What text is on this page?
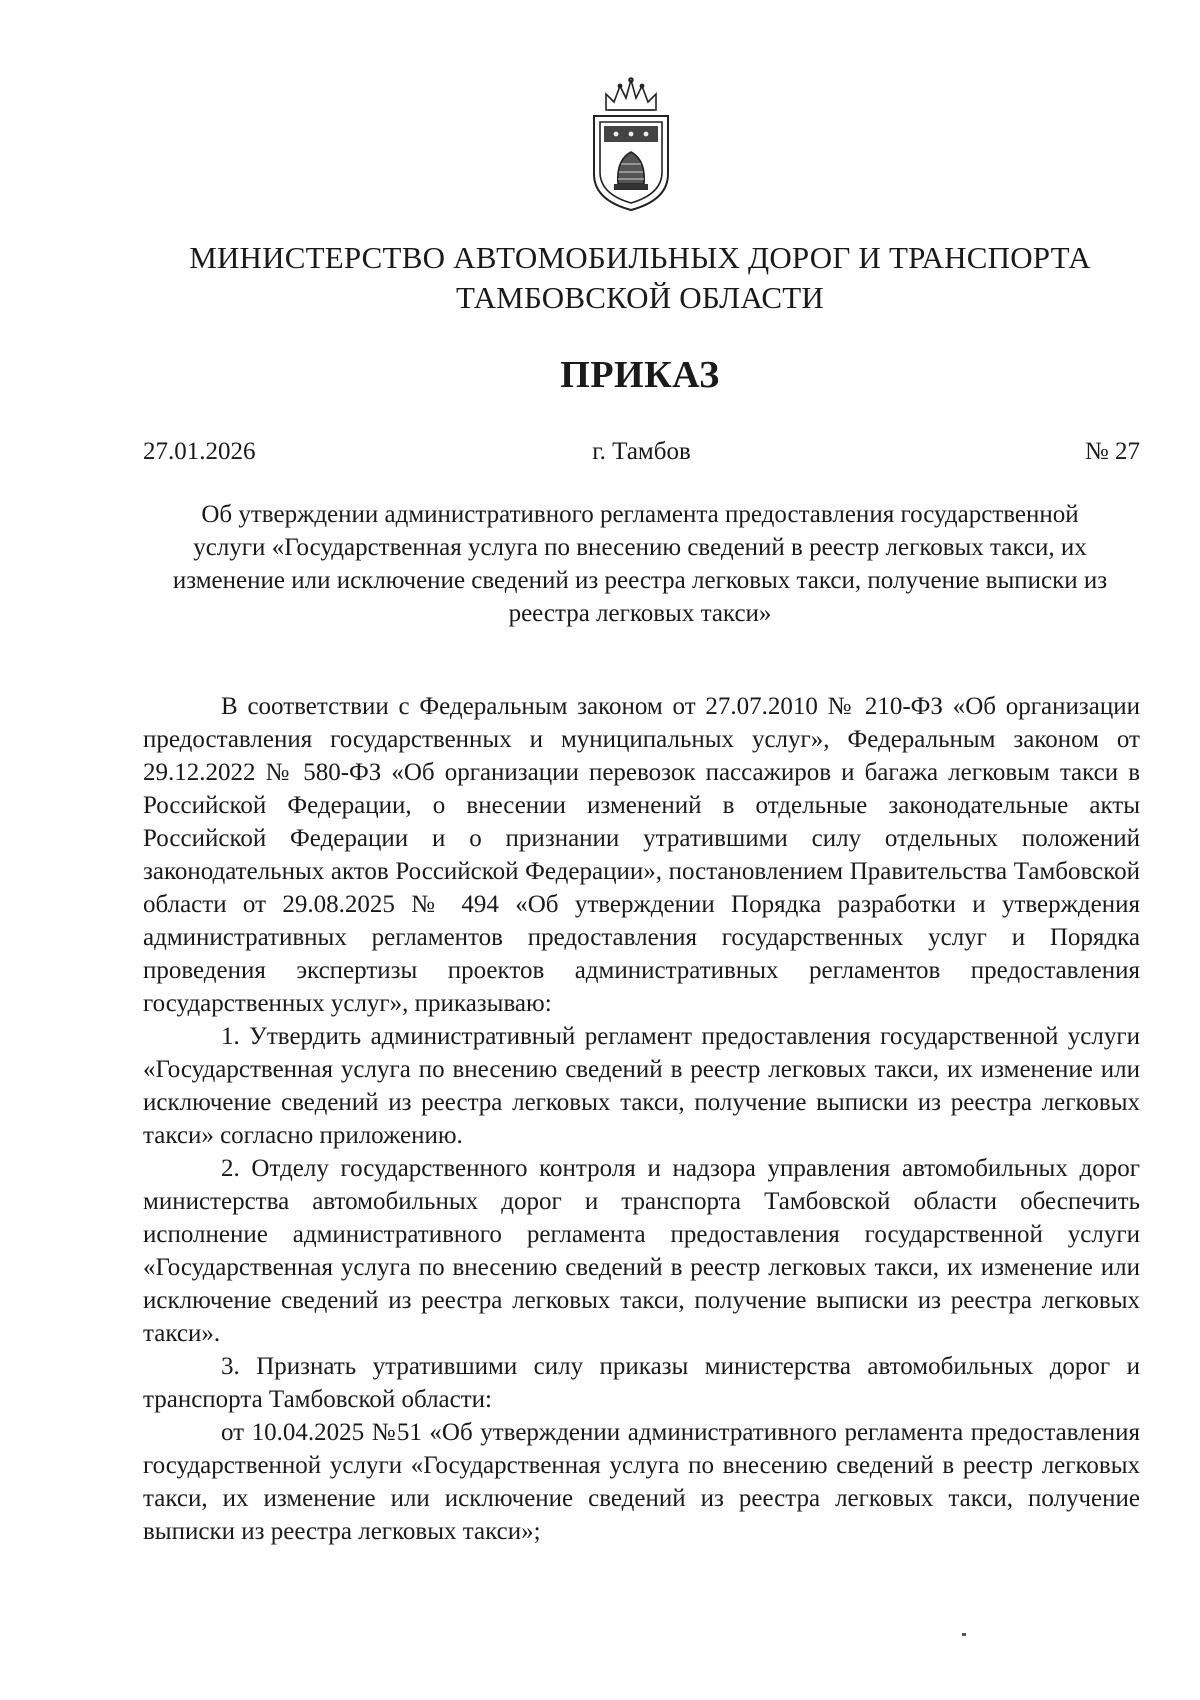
МИНИСТЕРСТВО АВТОМОБИЛЬНЫХ ДОРОГ И ТРАНСПОРТА
ТАМБОВСКОЙ ОБЛАСТИ
ПРИКАЗ
27.01.2026	г. Тамбов	№ 27
Об утверждении административного регламента предоставления государственной услуги «Государственная услуга по внесению сведений в реестр легковых такси, их изменение или исключение сведений из реестра легковых такси, получение выписки из реестра легковых такси»

В соответствии с Федеральным законом от 27.07.2010 № 210-ФЗ «Об организации предоставления государственных и муниципальных услуг», Федеральным законом от 29.12.2022 № 580-ФЗ «Об организации перевозок пассажиров и багажа легковым такси в Российской Федерации, о внесении изменений в отдельные законодательные акты Российской Федерации и о признании утратившими силу отдельных положений законодательных актов Российской Федерации», постановлением Правительства Тамбовской области от 29.08.2025 № 494 «Об утверждении Порядка разработки и утверждения административных регламентов предоставления государственных услуг и Порядка проведения экспертизы проектов административных регламентов предоставления государственных услуг», приказываю:

1. Утвердить административный регламент предоставления государственной услуги «Государственная услуга по внесению сведений в реестр легковых такси, их изменение или исключение сведений из реестра легковых такси, получение выписки из реестра легковых такси» согласно приложению.

2. Отделу государственного контроля и надзора управления автомобильных дорог министерства автомобильных дорог и транспорта Тамбовской области обеспечить исполнение административного регламента предоставления государственной услуги «Государственная услуга по внесению сведений в реестр легковых такси, их изменение или исключение сведений из реестра легковых такси, получение выписки из реестра легковых такси».

3. Признать утратившими силу приказы министерства автомобильных дорог и транспорта Тамбовской области:

от 10.04.2025 №51 «Об утверждении административного регламента предоставления государственной услуги «Государственная услуга по внесению сведений в реестр легковых такси, их изменение или исключение сведений из реестра легковых такси, получение выписки из реестра легковых такси»;
